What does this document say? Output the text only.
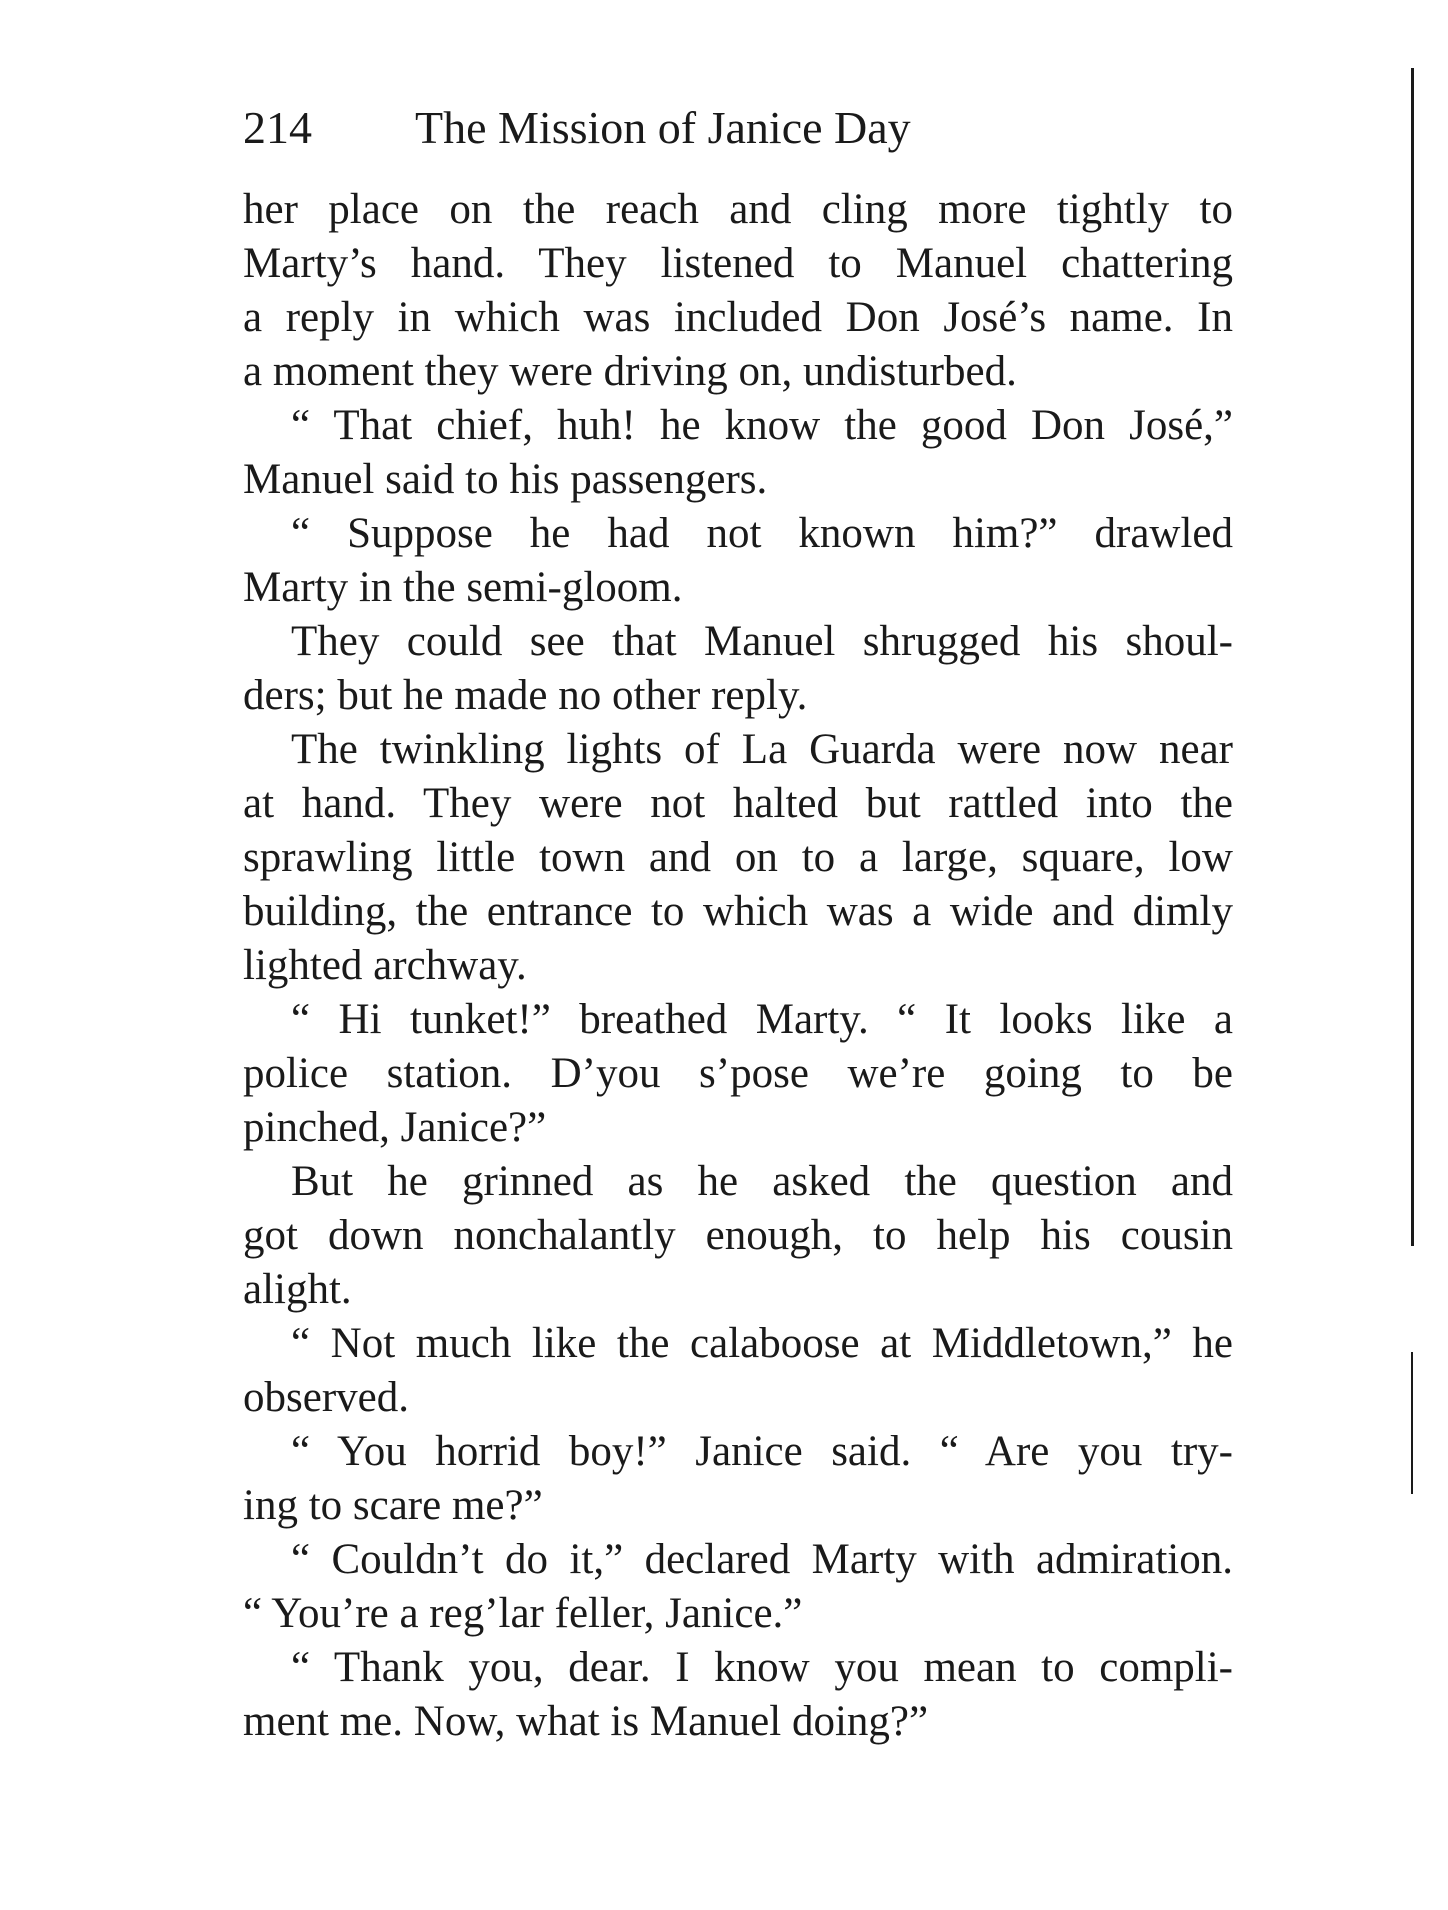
214 The Mission of Janice Day
her place on the reach and cling more tightly to
Marty’s hand. They listened to Manuel chattering
a reply in which was included Don José’s name. In
a moment they were driving on, undisturbed.
“ That chief, huh! he know the good Don José,”
Manuel said to his passengers.
“ Suppose he had not known him?” drawled
Marty in the semi-gloom.
They could see that Manuel shrugged his shoul-
ders; but he made no other reply.
The twinkling lights of La Guarda were now near
at hand. They were not halted but rattled into the
sprawling little town and on to a large, square, low
building, the entrance to which was a wide and dimly
lighted archway.
“ Hi tunket!” breathed Marty. “ It looks like a
police station. D’you s’pose we’re going to be
pinched, Janice?”
But he grinned as he asked the question and
got down nonchalantly enough, to help his cousin
alight.
“ Not much like the calaboose at Middletown,” he
observed.
“ You horrid boy!” Janice said. “ Are you try-
ing to scare me?”
“ Couldn’t do it,” declared Marty with admiration.
“ You’re a reg’lar feller, Janice.”
“ Thank you, dear. I know you mean to compli-
ment me. Now, what is Manuel doing?”
